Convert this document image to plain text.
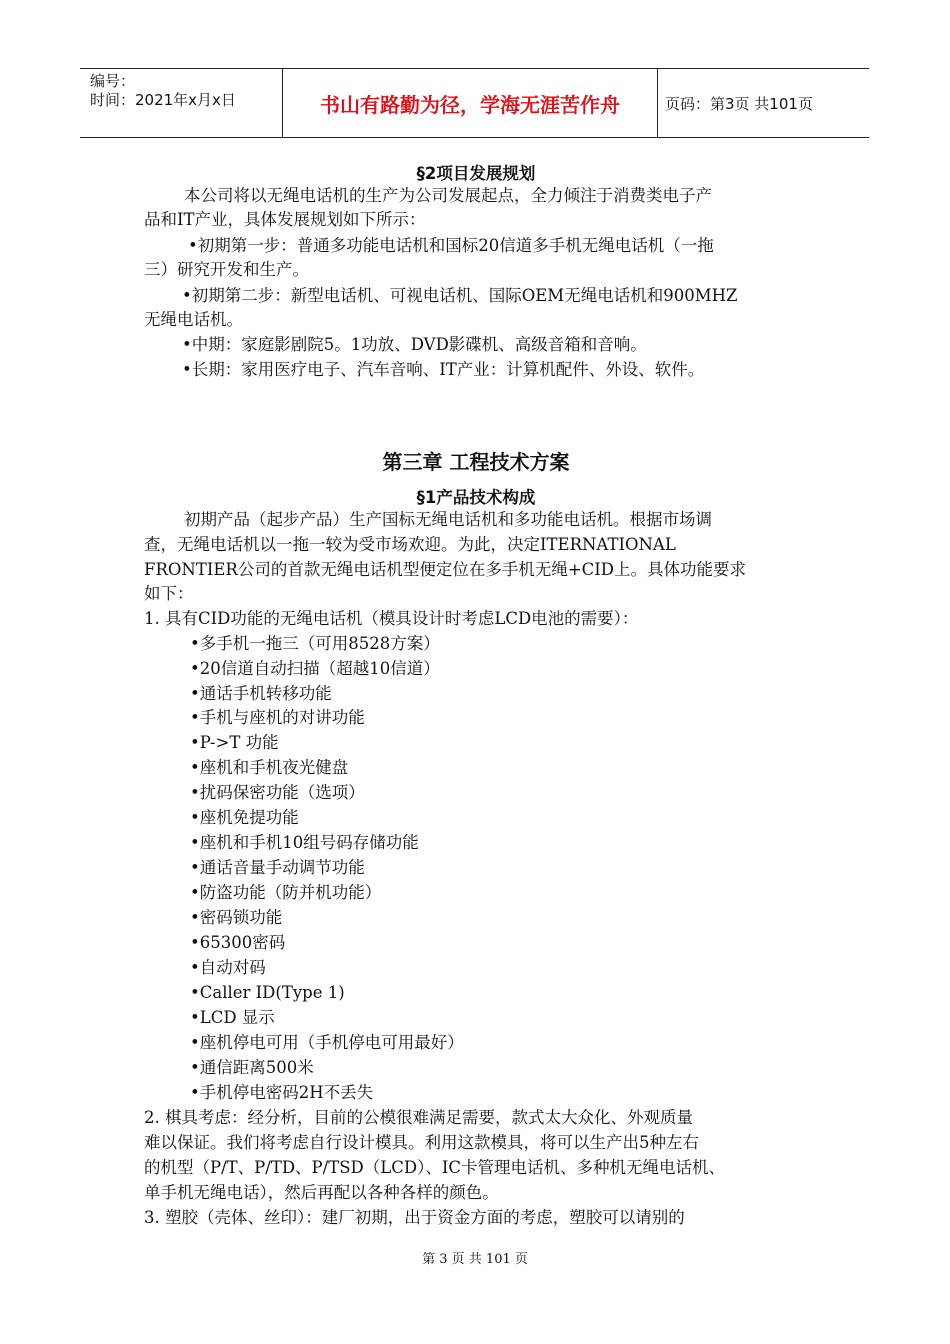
编号：
时间：2021年x月x日	书山有路勤为径，学海无涯苦作舟	页码：第3页 共101页
§2项目发展规划
本公司将以无绳电话机的生产为公司发展起点，全力倾注于消费类电子产
品和IT产业，具体发展规划如下所示：
•初期第一步：普通多功能电话机和国标20信道多手机无绳电话机（一拖
三）研究开发和生产。
•初期第二步：新型电话机、可视电话机、国际OEM无绳电话机和900MHZ
无绳电话机。
•中期：家庭影剧院5。1功放、DVD影碟机、高级音箱和音响。
•长期：家用医疗电子、汽车音响、IT产业：计算机配件、外设、软件。
第三章 工程技术方案
§1产品技术构成
初期产品（起步产品）生产国标无绳电话机和多功能电话机。根据市场调
查，无绳电话机以一拖一较为受市场欢迎。为此，决定ITERNATIONAL
FRONTIER公司的首款无绳电话机型便定位在多手机无绳+CID上。具体功能要求
如下：
1. 具有CID功能的无绳电话机（模具设计时考虑LCD电池的需要）：
•多手机一拖三（可用8528方案）
•20信道自动扫描（超越10信道）
•通话手机转移功能
•手机与座机的对讲功能
•P->T 功能
•座机和手机夜光健盘
•扰码保密功能（选项）
•座机免提功能
•座机和手机10组号码存储功能
•通话音量手动调节功能
•防盗功能（防并机功能）
•密码锁功能
•65300密码
•自动对码
•Caller ID(Type 1)
•LCD 显示
•座机停电可用（手机停电可用最好）
•通信距离500米
•手机停电密码2H不丢失
2. 棋具考虑：经分析，目前的公模很难满足需要，款式太大众化、外观质量
难以保证。我们将考虑自行设计模具。利用这款模具，将可以生产出5种左右
的机型（P/T、P/TD、P/TSD（LCD）、IC卡管理电话机、多种机无绳电话机、
单手机无绳电话），然后再配以各种各样的颜色。
3. 塑胶（壳体、丝印）：建厂初期，出于资金方面的考虑，塑胶可以请别的
第 3 页 共 101 页
